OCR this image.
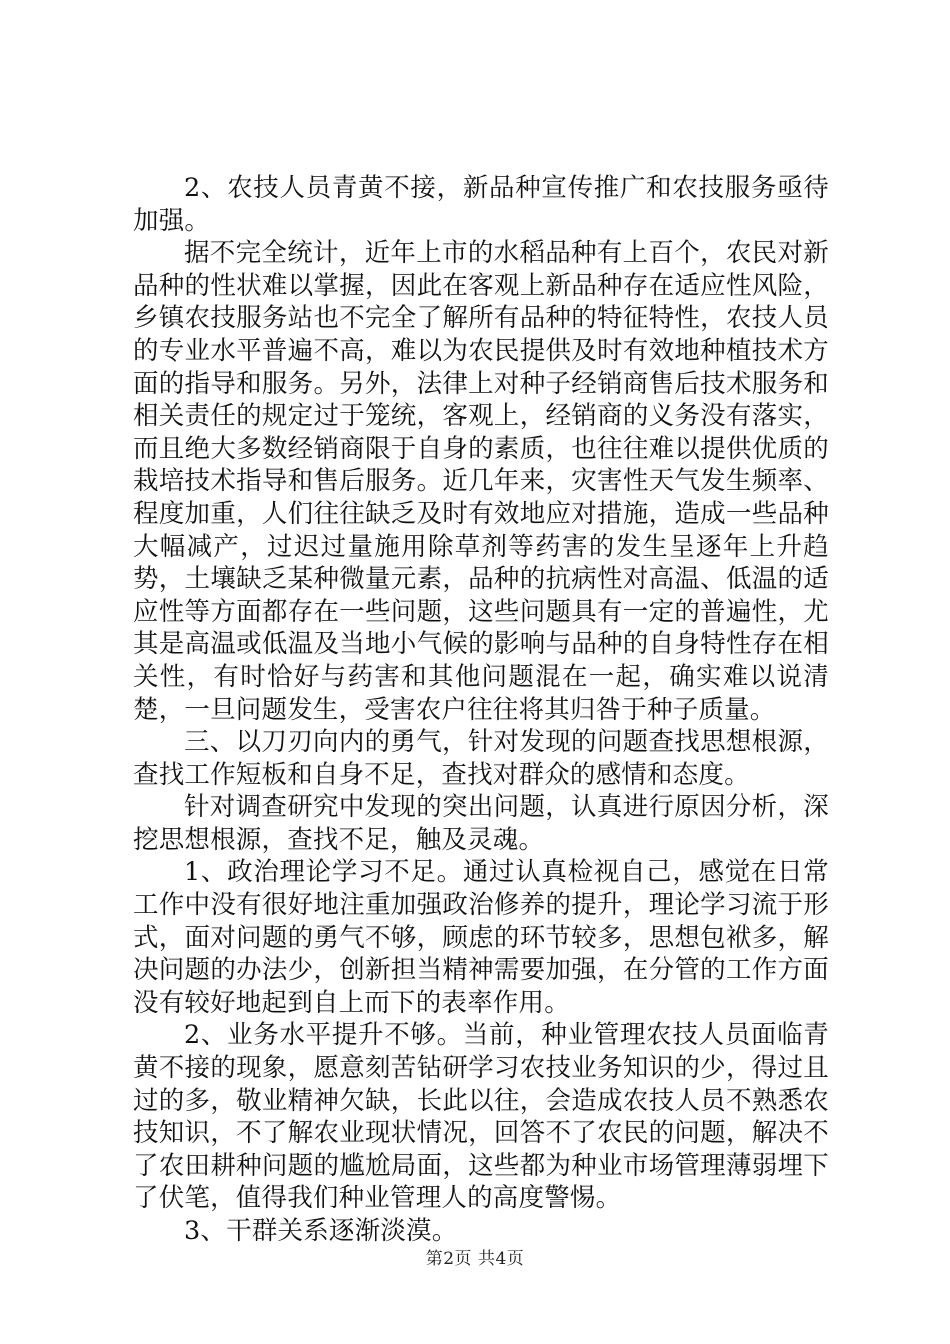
2、农技人员青黄不接，新品种宣传推广和农技服务亟待加强。

据不完全统计，近年上市的水稻品种有上百个，农民对新品种的性状难以掌握，因此在客观上新品种存在适应性风险，乡镇农技服务站也不完全了解所有品种的特征特性，农技人员的专业水平普遍不高，难以为农民提供及时有效地种植技术方面的指导和服务。另外，法律上对种子经销商售后技术服务和相关责任的规定过于笼统，客观上，经销商的义务没有落实，而且绝大多数经销商限于自身的素质，也往往难以提供优质的栽培技术指导和售后服务。近几年来，灾害性天气发生频率、程度加重，人们往往缺乏及时有效地应对措施，造成一些品种大幅减产，过迟过量施用除草剂等药害的发生呈逐年上升趋势，土壤缺乏某种微量元素，品种的抗病性对高温、低温的适应性等方面都存在一些问题，这些问题具有一定的普遍性，尤其是高温或低温及当地小气候的影响与品种的自身特性存在相关性，有时恰好与药害和其他问题混在一起，确实难以说清楚，一旦问题发生，受害农户往往将其归咎于种子质量。

三、以刀刃向内的勇气，针对发现的问题查找思想根源，查找工作短板和自身不足，查找对群众的感情和态度。

针对调查研究中发现的突出问题，认真进行原因分析，深挖思想根源，查找不足，触及灵魂。

1、政治理论学习不足。通过认真检视自己，感觉在日常工作中没有很好地注重加强政治修养的提升，理论学习流于形式，面对问题的勇气不够，顾虑的环节较多，思想包袱多，解决问题的办法少，创新担当精神需要加强，在分管的工作方面没有较好地起到自上而下的表率作用。

2、业务水平提升不够。当前，种业管理农技人员面临青黄不接的现象，愿意刻苦钻研学习农技业务知识的少，得过且过的多，敬业精神欠缺，长此以往，会造成农技人员不熟悉农技知识，不了解农业现状情况，回答不了农民的问题，解决不了农田耕种问题的尴尬局面，这些都为种业市场管理薄弱埋下了伏笔，值得我们种业管理人的高度警惕。

3、干群关系逐渐淡漠。

第2页 共4页
